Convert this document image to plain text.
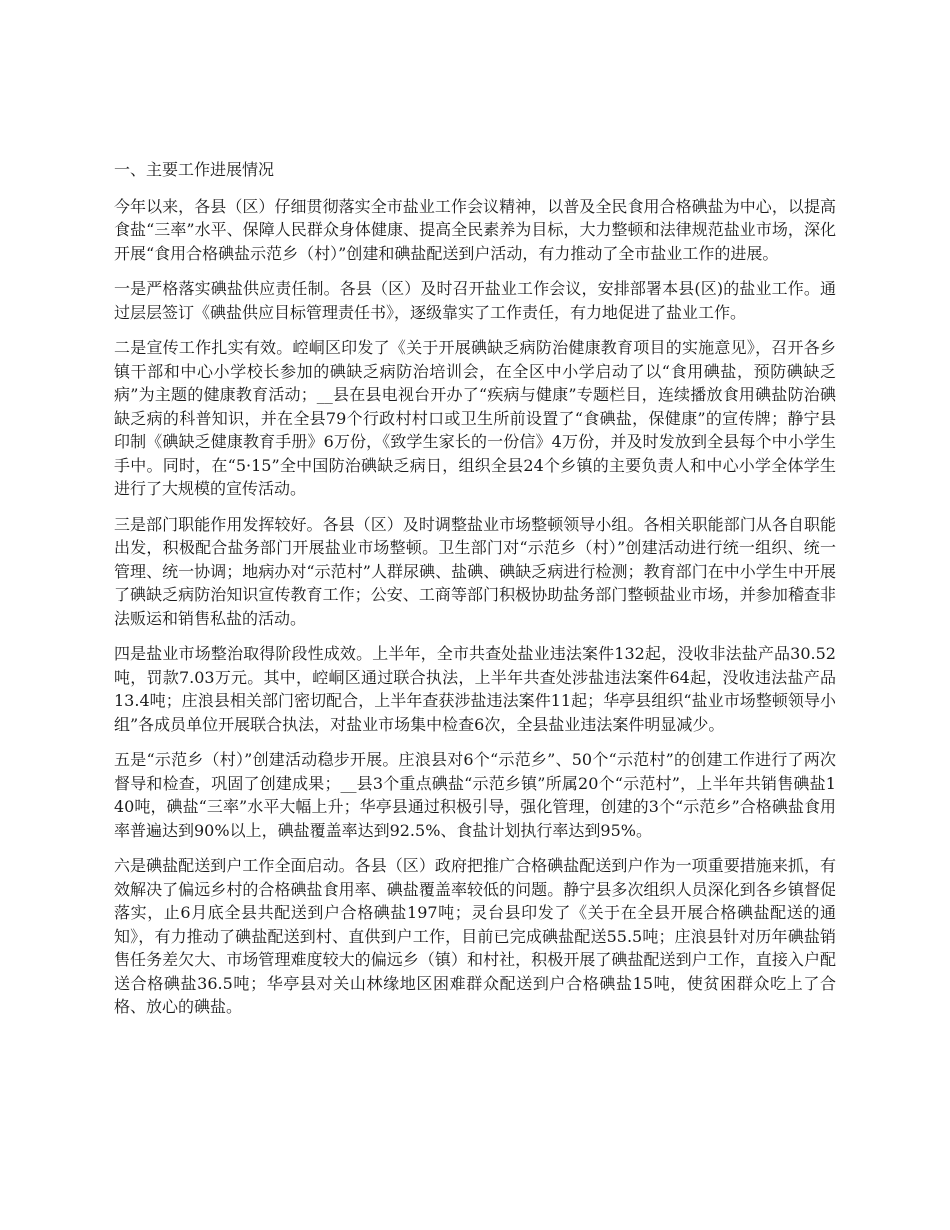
一、主要工作进展情况

今年以来，各县（区）仔细贯彻落实全市盐业工作会议精神，以普及全民食用合格碘盐为中心，以提高食盐“三率”水平、保障人民群众身体健康、提高全民素养为目标，大力整顿和法律规范盐业市场，深化开展“食用合格碘盐示范乡（村）”创建和碘盐配送到户活动，有力推动了全市盐业工作的进展。

一是严格落实碘盐供应责任制。各县（区）及时召开盐业工作会议，安排部署本县(区)的盐业工作。通过层层签订《碘盐供应目标管理责任书》，逐级靠实了工作责任，有力地促进了盐业工作。

二是宣传工作扎实有效。崆峒区印发了《关于开展碘缺乏病防治健康教育项目的实施意见》，召开各乡镇干部和中心小学校长参加的碘缺乏病防治培训会，在全区中小学启动了以“食用碘盐，预防碘缺乏病”为主题的健康教育活动；__县在县电视台开办了“疾病与健康”专题栏目，连续播放食用碘盐防治碘缺乏病的科普知识，并在全县79个行政村村口或卫生所前设置了“食碘盐，保健康”的宣传牌；静宁县印制《碘缺乏健康教育手册》6万份，《致学生家长的一份信》4万份，并及时发放到全县每个中小学生手中。同时，在“5·15”全中国防治碘缺乏病日，组织全县24个乡镇的主要负责人和中心小学全体学生进行了大规模的宣传活动。

三是部门职能作用发挥较好。各县（区）及时调整盐业市场整顿领导小组。各相关职能部门从各自职能出发，积极配合盐务部门开展盐业市场整顿。卫生部门对“示范乡（村）”创建活动进行统一组织、统一管理、统一协调；地病办对“示范村”人群尿碘、盐碘、碘缺乏病进行检测；教育部门在中小学生中开展了碘缺乏病防治知识宣传教育工作；公安、工商等部门积极协助盐务部门整顿盐业市场，并参加稽查非法贩运和销售私盐的活动。

四是盐业市场整治取得阶段性成效。上半年，全市共查处盐业违法案件132起，没收非法盐产品30.52吨，罚款7.03万元。其中，崆峒区通过联合执法，上半年共查处涉盐违法案件64起，没收违法盐产品13.4吨；庄浪县相关部门密切配合，上半年查获涉盐违法案件11起；华亭县组织“盐业市场整顿领导小组”各成员单位开展联合执法，对盐业市场集中检查6次，全县盐业违法案件明显减少。

五是“示范乡（村）”创建活动稳步开展。庄浪县对6个“示范乡”、50个“示范村”的创建工作进行了两次督导和检查，巩固了创建成果；__县3个重点碘盐“示范乡镇”所属20个“示范村”，上半年共销售碘盐140吨，碘盐“三率”水平大幅上升；华亭县通过积极引导，强化管理，创建的3个“示范乡”合格碘盐食用率普遍达到90%以上，碘盐覆盖率达到92.5%、食盐计划执行率达到95%。

六是碘盐配送到户工作全面启动。各县（区）政府把推广合格碘盐配送到户作为一项重要措施来抓，有效解决了偏远乡村的合格碘盐食用率、碘盐覆盖率较低的问题。静宁县多次组织人员深化到各乡镇督促落实，止6月底全县共配送到户合格碘盐197吨；灵台县印发了《关于在全县开展合格碘盐配送的通知》，有力推动了碘盐配送到村、直供到户工作，目前已完成碘盐配送55.5吨；庄浪县针对历年碘盐销售任务差欠大、市场管理难度较大的偏远乡（镇）和村社，积极开展了碘盐配送到户工作，直接入户配送合格碘盐36.5吨；华亭县对关山林缘地区困难群众配送到户合格碘盐15吨，使贫困群众吃上了合格、放心的碘盐。
